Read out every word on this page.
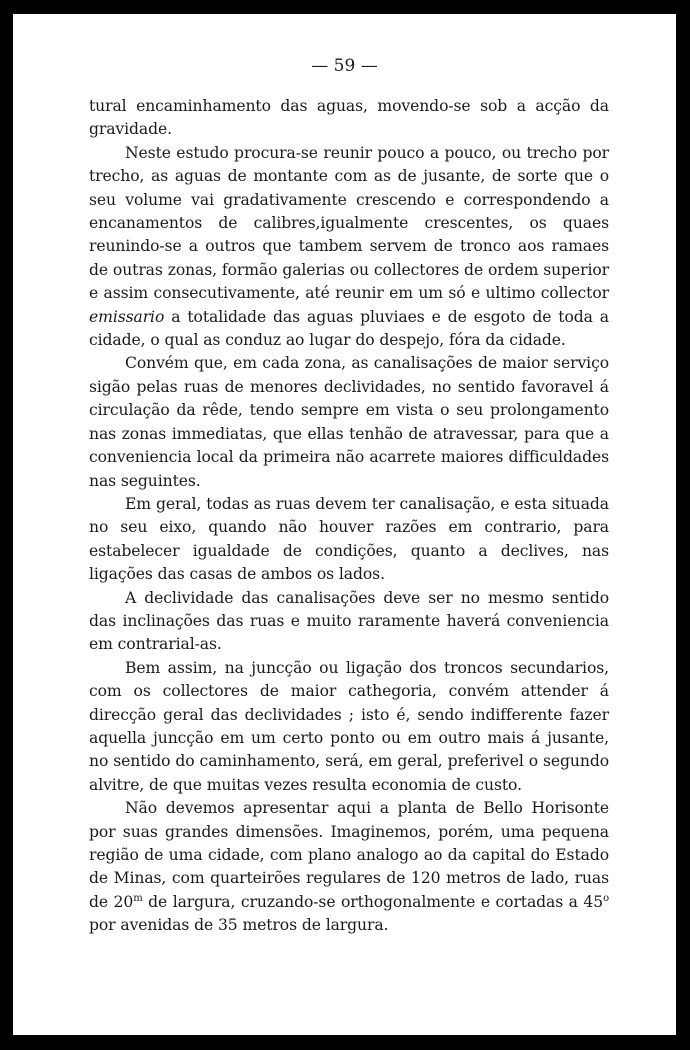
— 59 —

tural encaminhamento das aguas, movendo-se sob a acção da gravidade.

Neste estudo procura-se reunir pouco a pouco, ou trecho por trecho, as aguas de montante com as de jusante, de sorte que o seu volume vai gradativamente crescendo e correspondendo a encanamentos de calibres,igualmente crescentes, os quaes reunindo-se a outros que tambem servem de tronco aos ramaes de outras zonas, formão galerias ou collectores de ordem superior e assim consecutivamente, até reunir em um só e ultimo collector emissario a totalidade das aguas pluviaes e de esgoto de toda a cidade, o qual as conduz ao lugar do despejo, fóra da cidade.

Convém que, em cada zona, as canalisações de maior serviço sigão pelas ruas de menores declividades, no sentido favoravel á circulação da rêde, tendo sempre em vista o seu prolongamento nas zonas immediatas, que ellas tenhão de atravessar, para que a conveniencia local da primeira não acarrete maiores difficuldades nas seguintes.

Em geral, todas as ruas devem ter canalisação, e esta situada no seu eixo, quando não houver razões em contrario, para estabelecer igualdade de condições, quanto a declives, nas ligações das casas de ambos os lados.

A declividade das canalisações deve ser no mesmo sentido das inclinações das ruas e muito raramente haverá conveniencia em contrarial-as.

Bem assim, na juncção ou ligação dos troncos secundarios, com os collectores de maior cathegoria, convém attender á direcção geral das declividades ; isto é, sendo indifferente fazer aquella juncção em um certo ponto ou em outro mais á jusante, no sentido do caminhamento, será, em geral, preferivel o segundo alvitre, de que muitas vezes resulta economia de custo.

Não devemos apresentar aqui a planta de Bello Horisonte por suas grandes dimensões. Imaginemos, porém, uma pequena região de uma cidade, com plano analogo ao da capital do Estado de Minas, com quarteirões regulares de 120 metros de lado, ruas de 20$^m$ de largura, cruzando-se orthogonalmente e cortadas a 45$^o$ por avenidas de 35 metros de largura.
